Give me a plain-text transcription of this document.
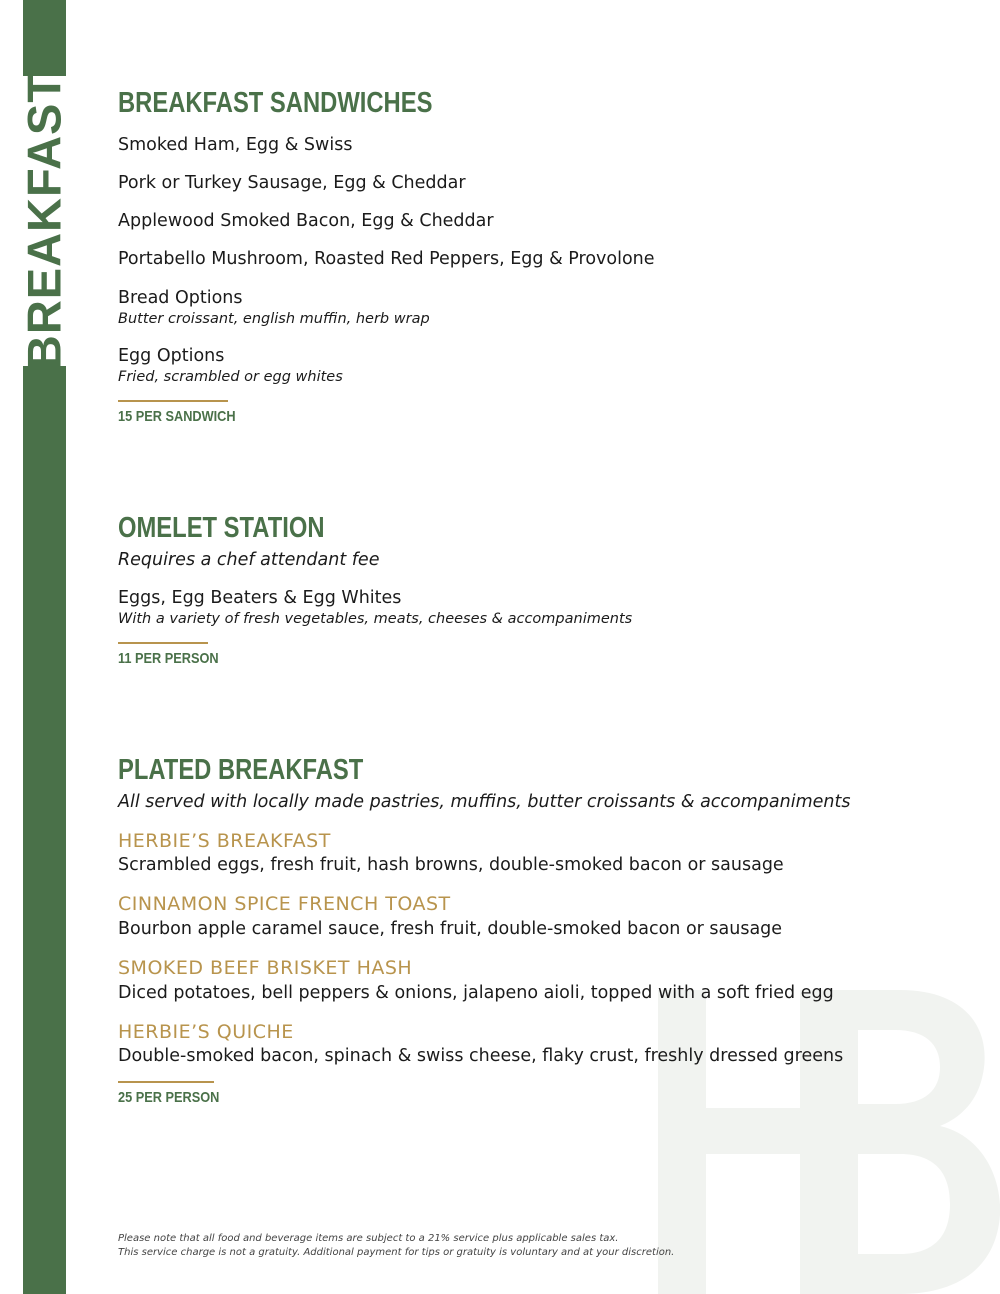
BREAKFAST BREAKFAST SANDWICHES
Smoked Ham, Egg & Swiss
Pork or Turkey Sausage, Egg & Cheddar
Applewood Smoked Bacon, Egg & Cheddar
Portabello Mushroom, Roasted Red Peppers, Egg & Provolone
Bread Options
Butter croissant, english muffin, herb wrap
Egg Options
Fried, scrambled or egg whites
15 PER SANDWICH
OMELET STATION
Requires a chef attendant fee
Eggs, Egg Beaters & Egg Whites
With a variety of fresh vegetables, meats, cheeses & accompaniments
11 PER PERSON
PLATED BREAKFAST
All served with locally made pastries, muffins, butter croissants & accompaniments
HERBIE’S BREAKFAST
Scrambled eggs, fresh fruit, hash browns, double-smoked bacon or sausage
CINNAMON SPICE FRENCH TOAST
Bourbon apple caramel sauce, fresh fruit, double-smoked bacon or sausage
SMOKED BEEF BRISKET HASH
Diced potatoes, bell peppers & onions, jalapeno aioli, topped with a soft fried egg
HERBIE’S QUICHE
Double-smoked bacon, spinach & swiss cheese, flaky crust, freshly dressed greens
25 PER PERSON
Please note that all food and beverage items are subject to a 21% service plus applicable sales tax.
This service charge is not a gratuity. Additional payment for tips or gratuity is voluntary and at your discretion.
